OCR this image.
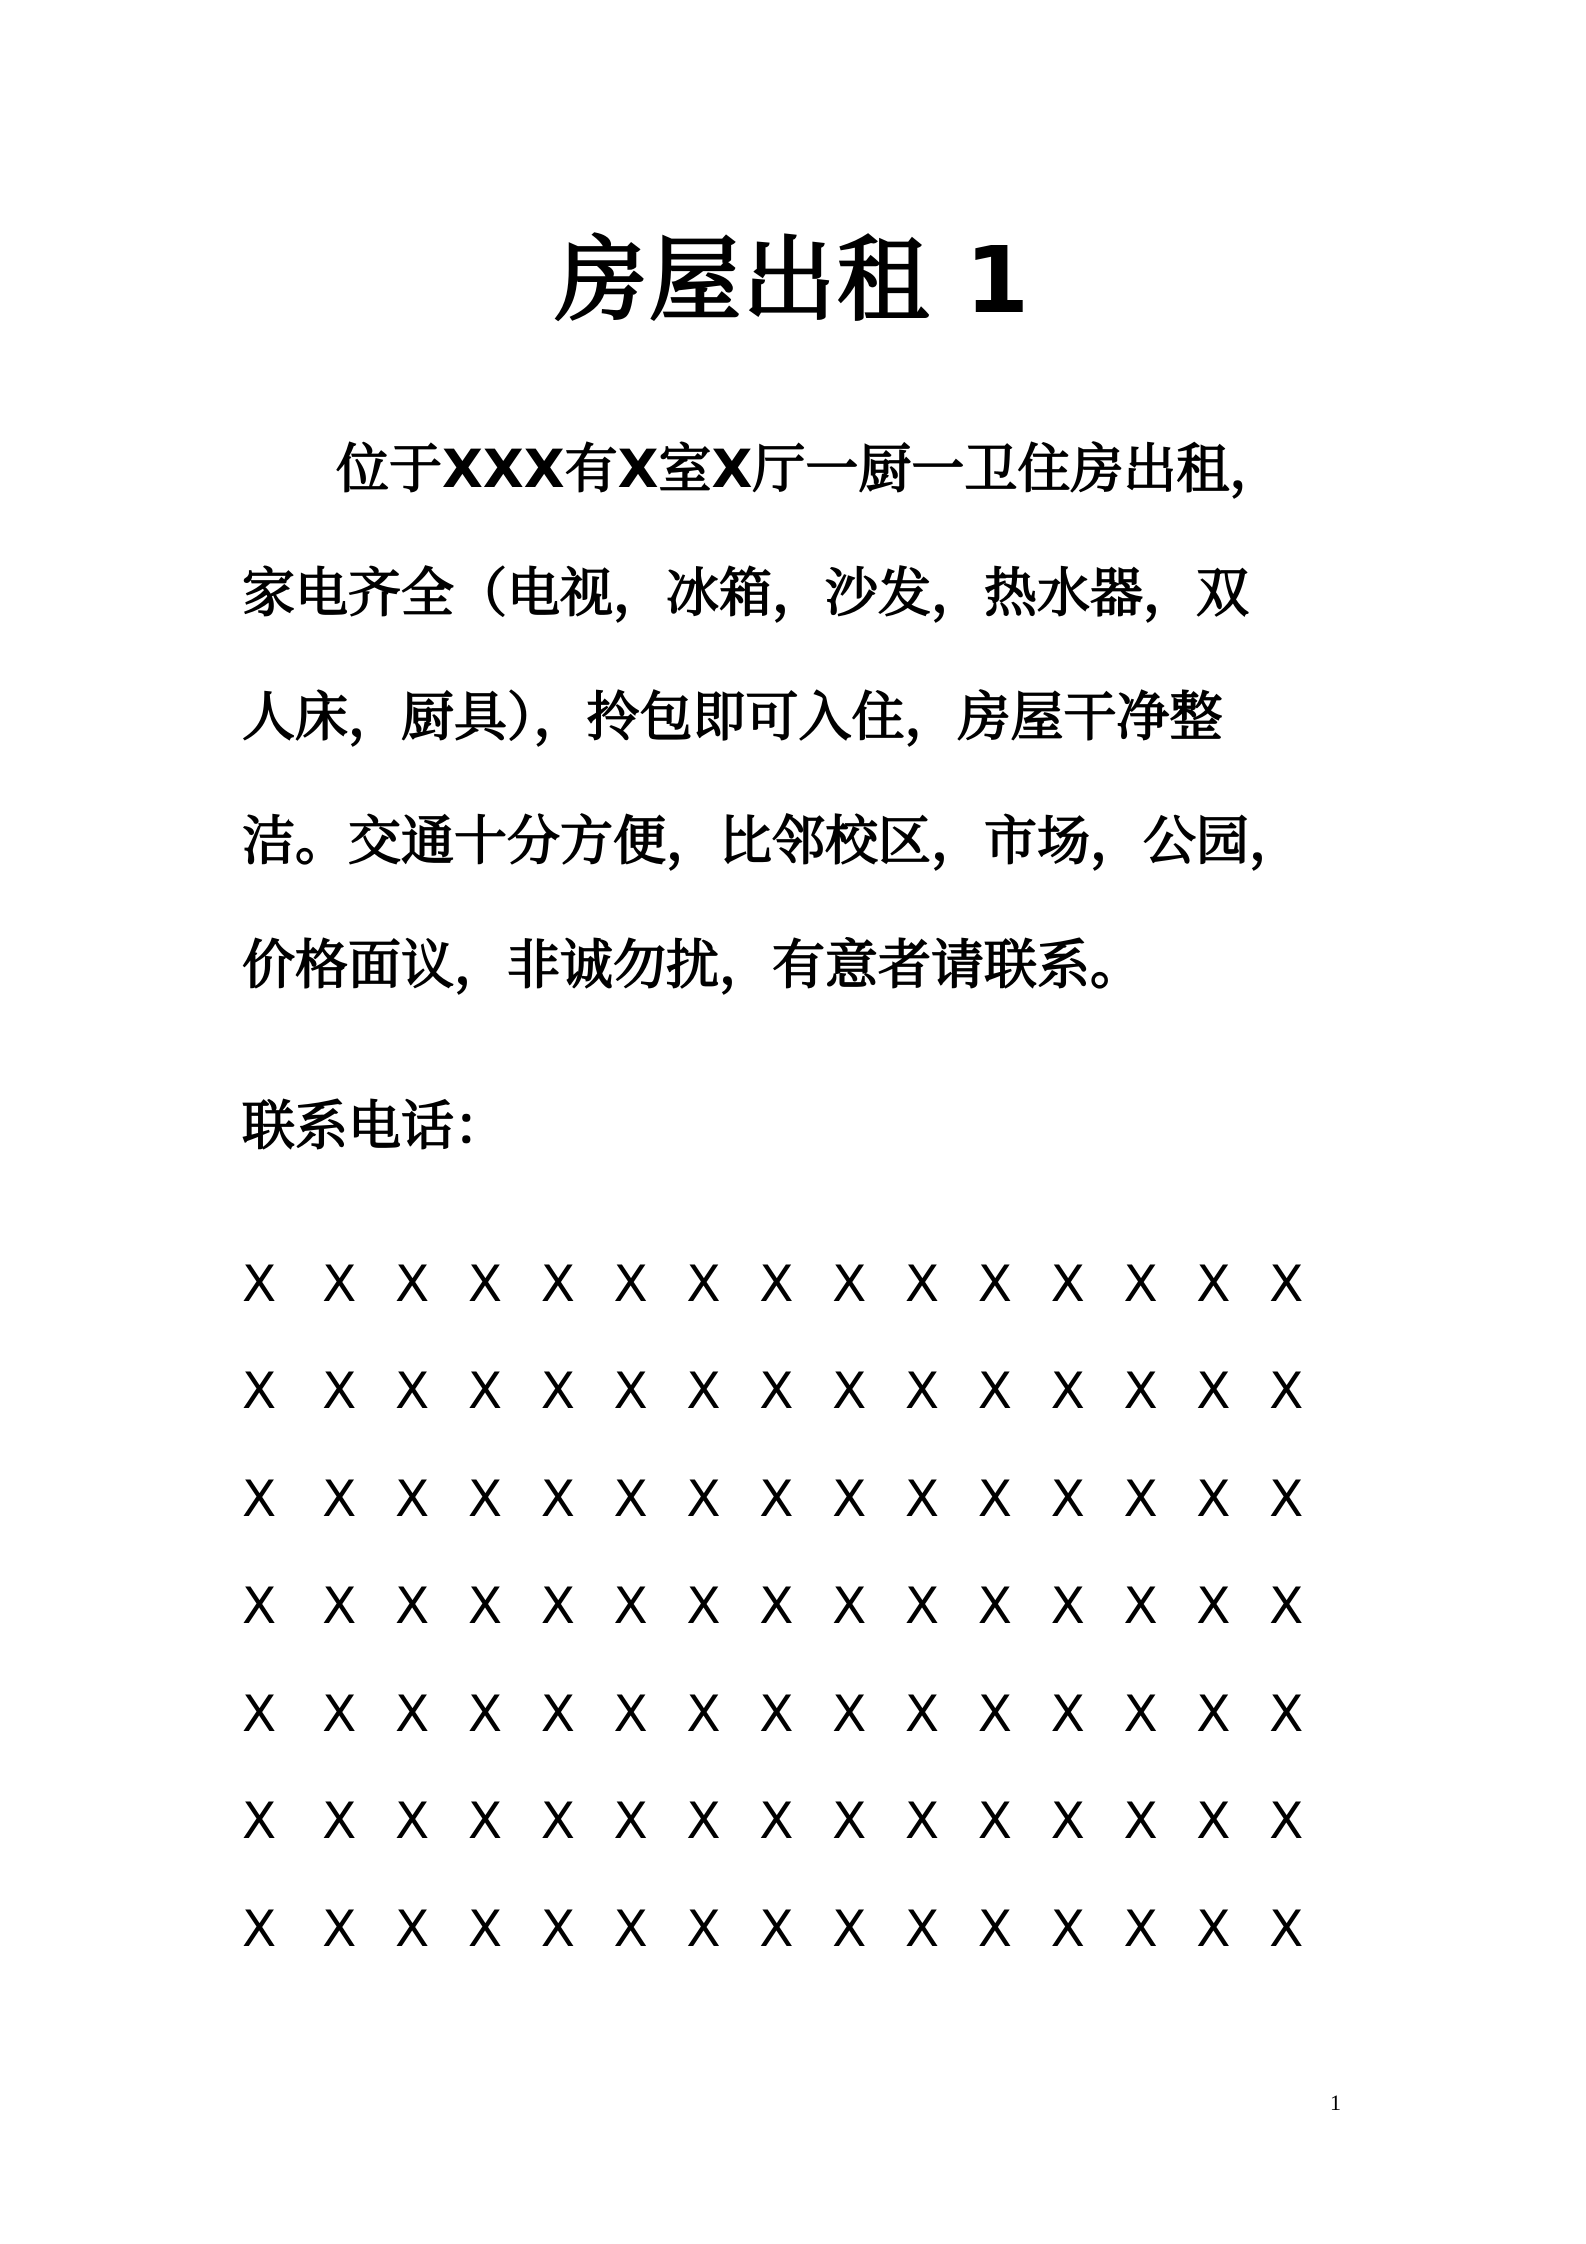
房屋出租 1
位于XXX有X室X厅一厨一卫住房出租，
家电齐全（电视，冰箱，沙发，热水器，双
人床，厨具），拎包即可入住，房屋干净整
洁。交通十分方便，比邻校区，市场，公园，
价格面议，非诚勿扰，有意者请联系。
联系电话：
X X X X X X X X X X X X X X X
X X X X X X X X X X X X X X X
X X X X X X X X X X X X X X X
X X X X X X X X X X X X X X X
X X X X X X X X X X X X X X X
X X X X X X X X X X X X X X X
X X X X X X X X X X X X X X X
1
